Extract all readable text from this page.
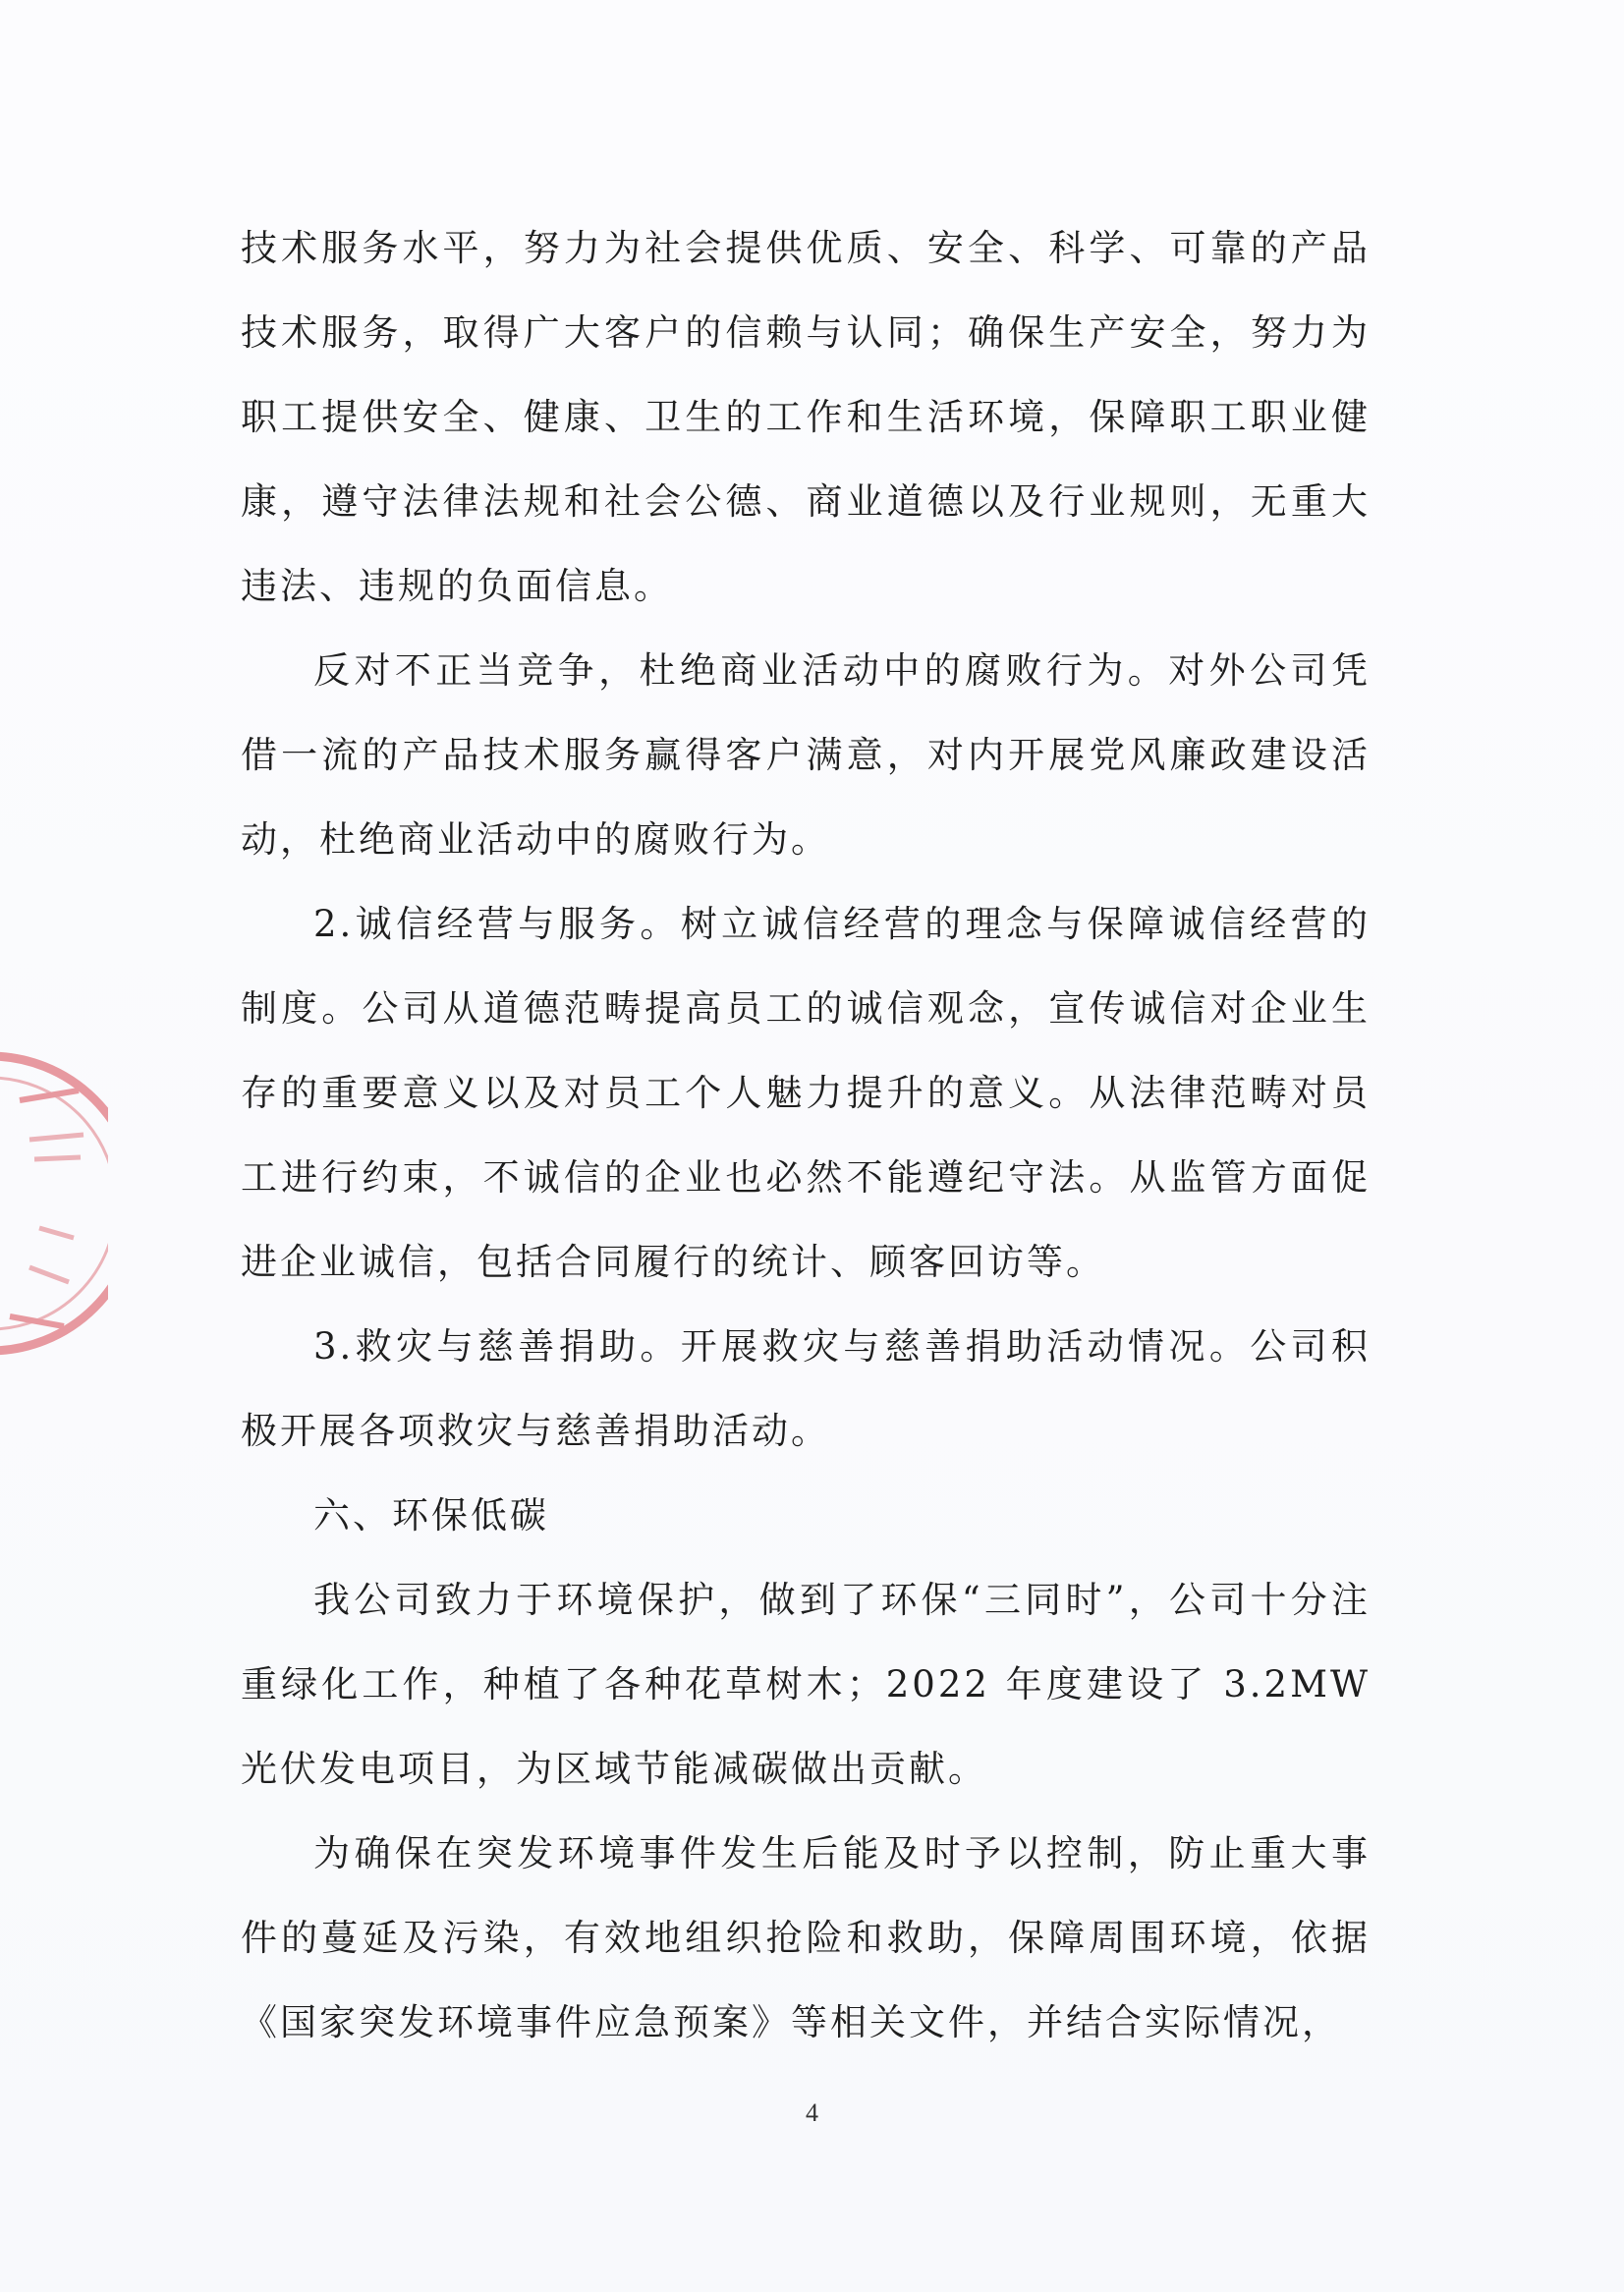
技术服务水平，努力为社会提供优质、安全、科学、可靠的产品技术服务，取得广大客户的信赖与认同；确保生产安全，努力为职工提供安全、健康、卫生的工作和生活环境，保障职工职业健康，遵守法律法规和社会公德、商业道德以及行业规则，无重大违法、违规的负面信息。

反对不正当竞争，杜绝商业活动中的腐败行为。对外公司凭借一流的产品技术服务赢得客户满意，对内开展党风廉政建设活动，杜绝商业活动中的腐败行为。

2.诚信经营与服务。树立诚信经营的理念与保障诚信经营的制度。公司从道德范畴提高员工的诚信观念，宣传诚信对企业生存的重要意义以及对员工个人魅力提升的意义。从法律范畴对员工进行约束，不诚信的企业也必然不能遵纪守法。从监管方面促进企业诚信，包括合同履行的统计、顾客回访等。

3.救灾与慈善捐助。开展救灾与慈善捐助活动情况。公司积极开展各项救灾与慈善捐助活动。

六、环保低碳

我公司致力于环境保护，做到了环保“三同时”，公司十分注重绿化工作，种植了各种花草树木；2022 年度建设了 3.2MW 光伏发电项目，为区域节能减碳做出贡献。

为确保在突发环境事件发生后能及时予以控制，防止重大事件的蔓延及污染，有效地组织抢险和救助，保障周围环境，依据《国家突发环境事件应急预案》等相关文件，并结合实际情况，

4
